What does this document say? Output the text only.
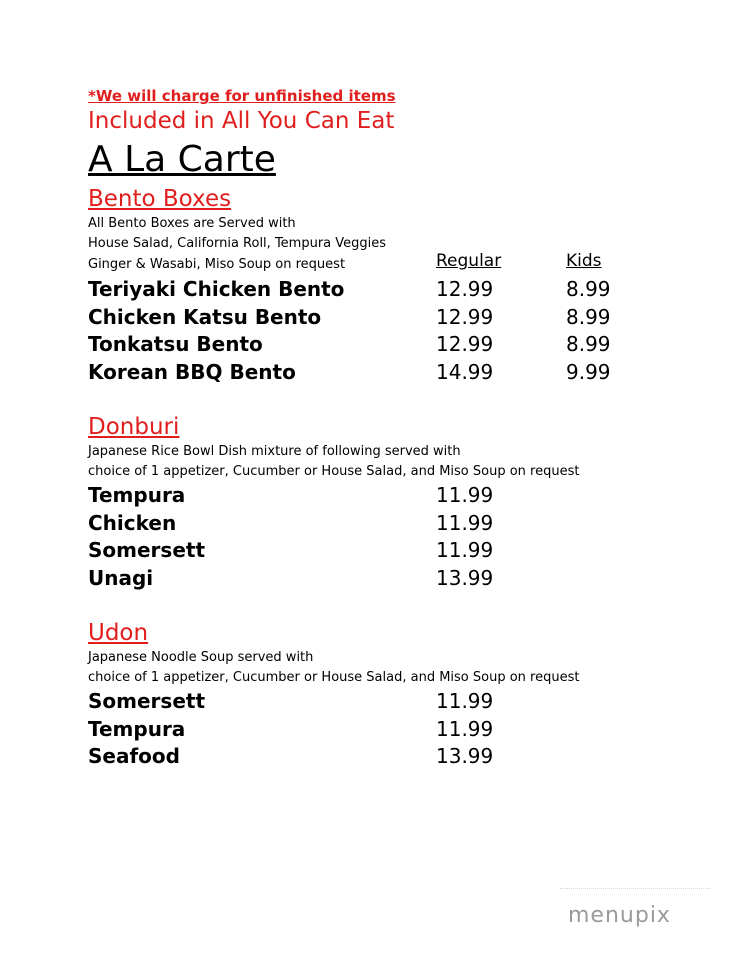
*We will charge for unfinished items
Included in All You Can Eat
A La Carte
Bento Boxes
All Bento Boxes are Served with
House Salad, California Roll, Tempura Veggies
Ginger & Wasabi, Miso Soup on request	Regular	Kids
Teriyaki Chicken Bento	12.99	8.99
Chicken Katsu Bento	12.99	8.99
Tonkatsu Bento	12.99	8.99
Korean BBQ Bento	14.99	9.99
Donburi
Japanese Rice Bowl Dish mixture of following served with
choice of 1 appetizer, Cucumber or House Salad, and Miso Soup on request
Tempura	11.99
Chicken	11.99
Somersett	11.99
Unagi	13.99
Udon
Japanese Noodle Soup served with
choice of 1 appetizer, Cucumber or House Salad, and Miso Soup on request
Somersett	11.99
Tempura	11.99
Seafood	13.99
menupix
